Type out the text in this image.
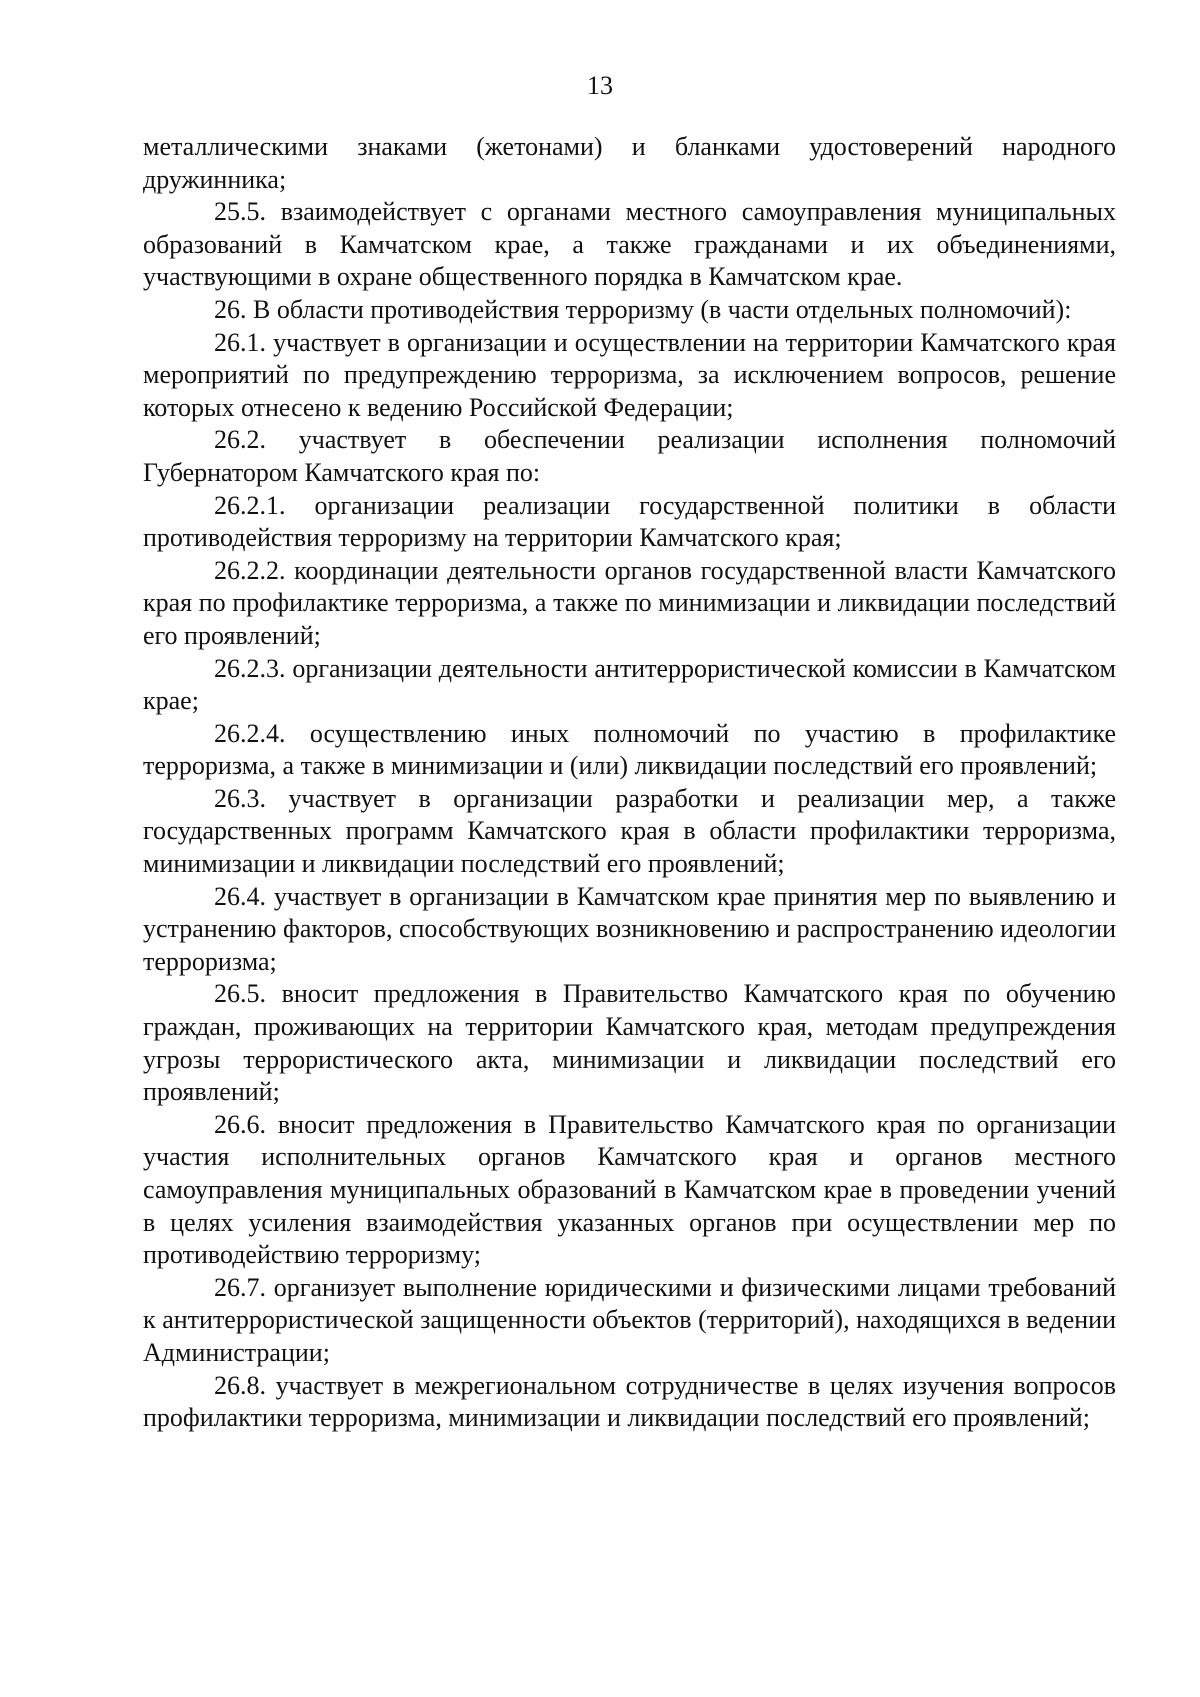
13

металлическими знаками (жетонами) и бланками удостоверений народного дружинника;

25.5. взаимодействует с органами местного самоуправления муниципальных образований в Камчатском крае, а также гражданами и их объединениями, участвующими в охране общественного порядка в Камчатском крае.

26. В области противодействия терроризму (в части отдельных полномочий):

26.1. участвует в организации и осуществлении на территории Камчатского края мероприятий по предупреждению терроризма, за исключением вопросов, решение которых отнесено к ведению Российской Федерации;

26.2. участвует в обеспечении реализации исполнения полномочий Губернатором Камчатского края по:

26.2.1. организации реализации государственной политики в области противодействия терроризму на территории Камчатского края;

26.2.2. координации деятельности органов государственной власти Камчатского края по профилактике терроризма, а также по минимизации и ликвидации последствий его проявлений;

26.2.3. организации деятельности антитеррористической комиссии в Камчатском крае;

26.2.4. осуществлению иных полномочий по участию в профилактике терроризма, а также в минимизации и (или) ликвидации последствий его проявлений;

26.3. участвует в организации разработки и реализации мер, а также государственных программ Камчатского края в области профилактики терроризма, минимизации и ликвидации последствий его проявлений;

26.4. участвует в организации в Камчатском крае принятия мер по выявлению и устранению факторов, способствующих возникновению и распространению идеологии терроризма;

26.5. вносит предложения в Правительство Камчатского края по обучению граждан, проживающих на территории Камчатского края, методам предупреждения угрозы террористического акта, минимизации и ликвидации последствий его проявлений;

26.6. вносит предложения в Правительство Камчатского края по организации участия исполнительных органов Камчатского края и органов местного самоуправления муниципальных образований в Камчатском крае в проведении учений в целях усиления взаимодействия указанных органов при осуществлении мер по противодействию терроризму;

26.7. организует выполнение юридическими и физическими лицами требований к антитеррористической защищенности объектов (территорий), находящихся в ведении Администрации;

26.8. участвует в межрегиональном сотрудничестве в целях изучения вопросов профилактики терроризма, минимизации и ликвидации последствий его проявлений;
